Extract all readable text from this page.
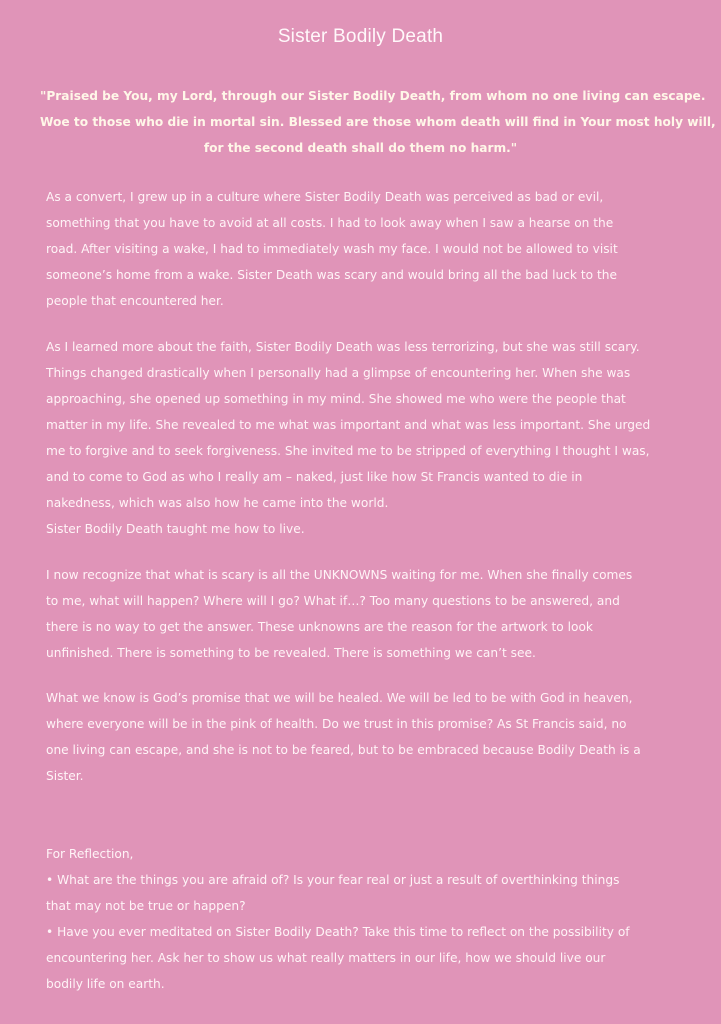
Sister Bodily Death
"Praised be You, my Lord, through our Sister Bodily Death, from whom no one living can escape.
Woe to those who die in mortal sin. Blessed are those whom death will find in Your most holy will,
for the second death shall do them no harm."
As a convert, I grew up in a culture where Sister Bodily Death was perceived as bad or evil,
something that you have to avoid at all costs. I had to look away when I saw a hearse on the
road. After visiting a wake, I had to immediately wash my face. I would not be allowed to visit
someone’s home from a wake. Sister Death was scary and would bring all the bad luck to the
people that encountered her.
As I learned more about the faith, Sister Bodily Death was less terrorizing, but she was still scary.
Things changed drastically when I personally had a glimpse of encountering her. When she was
approaching, she opened up something in my mind. She showed me who were the people that
matter in my life. She revealed to me what was important and what was less important. She urged
me to forgive and to seek forgiveness. She invited me to be stripped of everything I thought I was,
and to come to God as who I really am – naked, just like how St Francis wanted to die in
nakedness, which was also how he came into the world.
Sister Bodily Death taught me how to live.
I now recognize that what is scary is all the UNKNOWNS waiting for me. When she finally comes
to me, what will happen? Where will I go? What if…? Too many questions to be answered, and
there is no way to get the answer. These unknowns are the reason for the artwork to look
unfinished. There is something to be revealed. There is something we can’t see.
What we know is God’s promise that we will be healed. We will be led to be with God in heaven,
where everyone will be in the pink of health. Do we trust in this promise? As St Francis said, no
one living can escape, and she is not to be feared, but to be embraced because Bodily Death is a
Sister.
For Reflection,
• What are the things you are afraid of? Is your fear real or just a result of overthinking things
that may not be true or happen?
• Have you ever meditated on Sister Bodily Death? Take this time to reflect on the possibility of
encountering her. Ask her to show us what really matters in our life, how we should live our
bodily life on earth.
